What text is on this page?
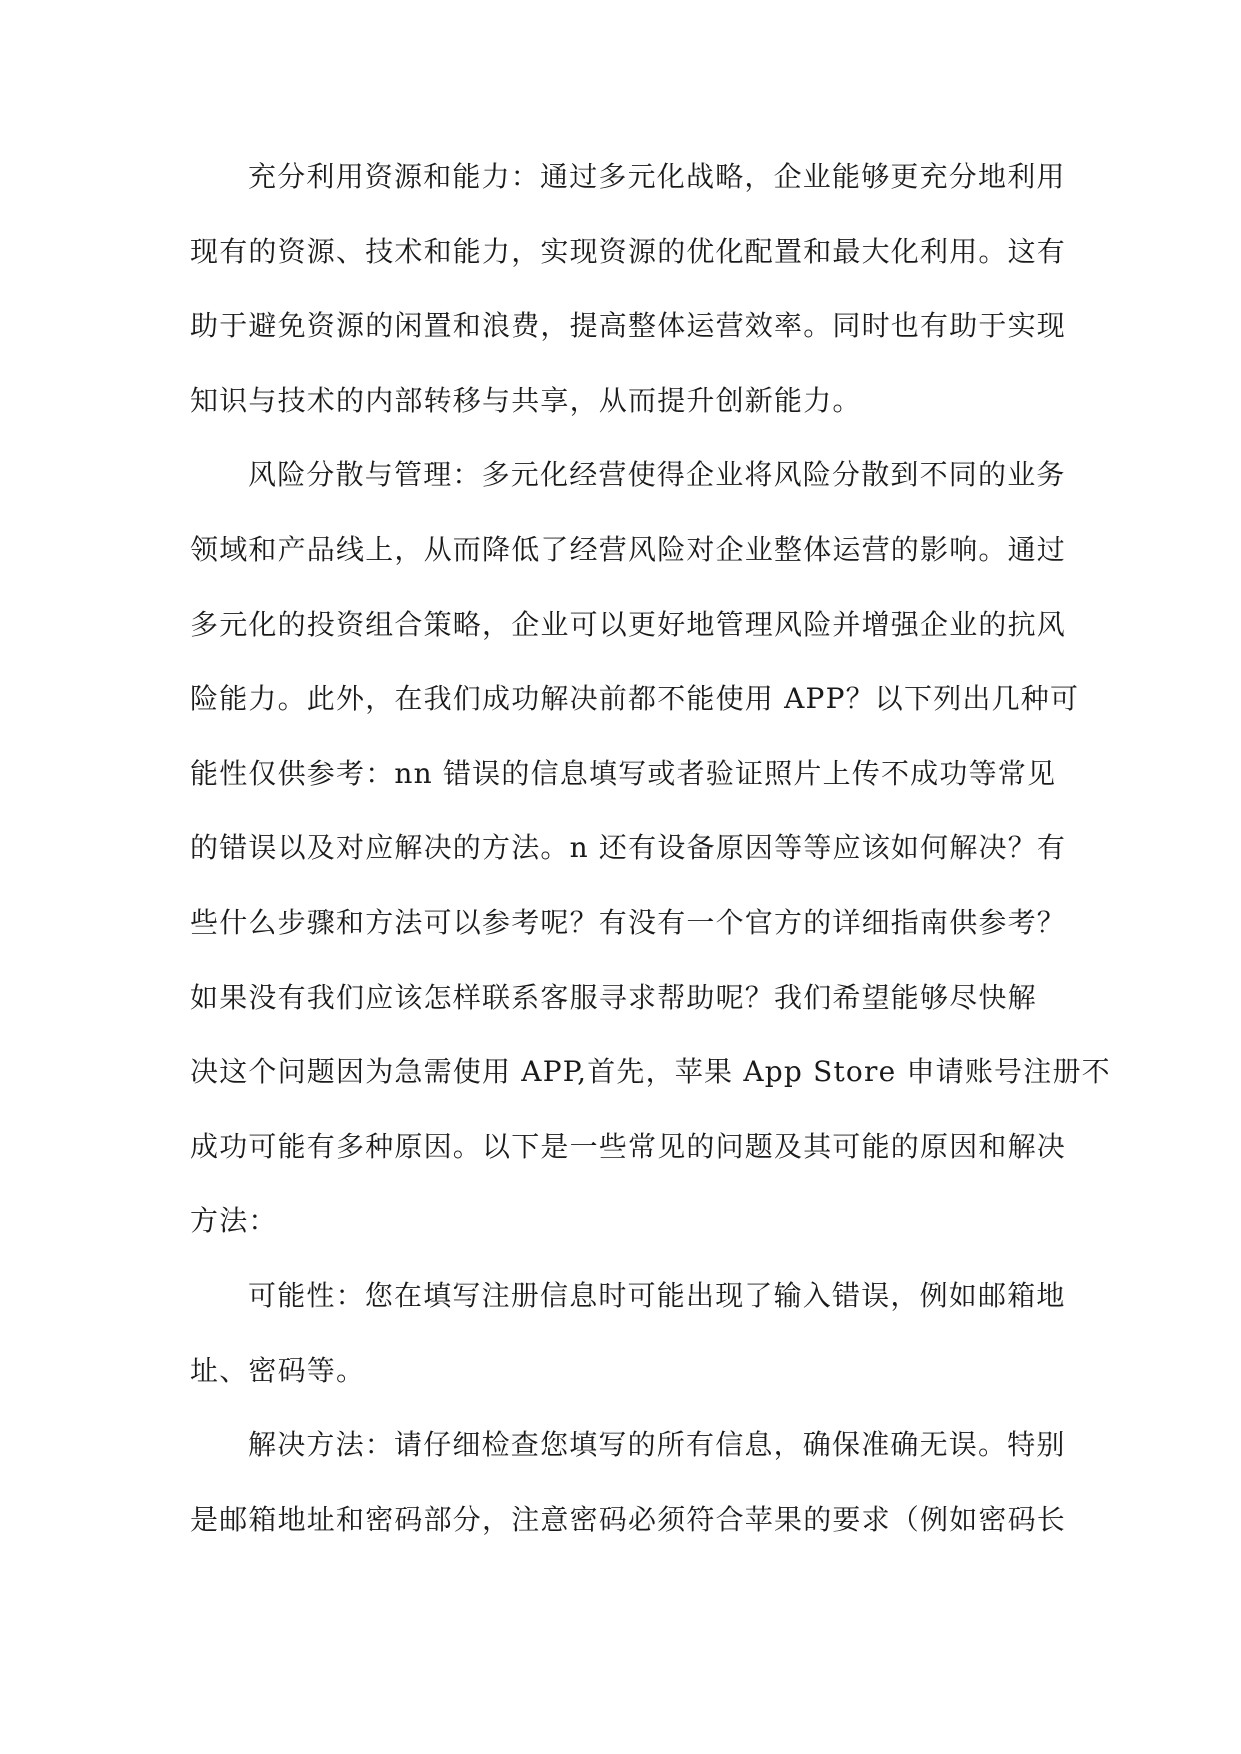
充分利用资源和能力：通过多元化战略，企业能够更充分地利用
现有的资源、技术和能力，实现资源的优化配置和最大化利用。这有
助于避免资源的闲置和浪费，提高整体运营效率。同时也有助于实现
知识与技术的内部转移与共享，从而提升创新能力。
风险分散与管理：多元化经营使得企业将风险分散到不同的业务
领域和产品线上，从而降低了经营风险对企业整体运营的影响。通过
多元化的投资组合策略，企业可以更好地管理风险并增强企业的抗风
险能力。此外，在我们成功解决前都不能使用 APP？以下列出几种可
能性仅供参考：nn 错误的信息填写或者验证照片上传不成功等常见
的错误以及对应解决的方法。n 还有设备原因等等应该如何解决？有
些什么步骤和方法可以参考呢？有没有一个官方的详细指南供参考？
如果没有我们应该怎样联系客服寻求帮助呢？我们希望能够尽快解
决这个问题因为急需使用 APP,首先，苹果 App Store 申请账号注册不
成功可能有多种原因。以下是一些常见的问题及其可能的原因和解决
方法：
可能性：您在填写注册信息时可能出现了输入错误，例如邮箱地
址、密码等。
解决方法：请仔细检查您填写的所有信息，确保准确无误。特别
是邮箱地址和密码部分，注意密码必须符合苹果的要求（例如密码长
